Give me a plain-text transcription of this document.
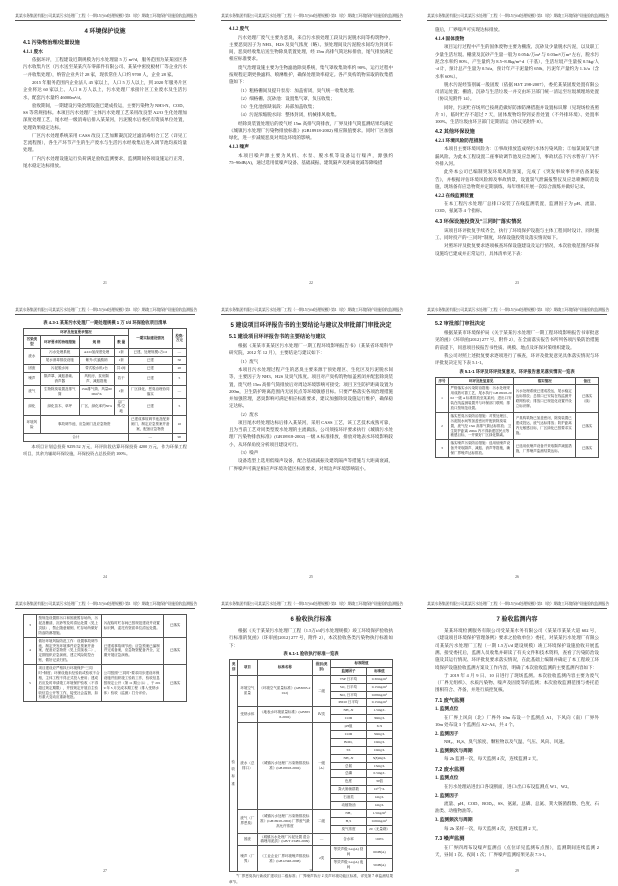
某某水务集团有限公司某某污水处理厂工程（一期1.5万t/d处理规模）·第1（收）期竣工环境保护设施验收监测报告
4 环境保护设施
4.1 污染物治理/处置设施
4.1.1 废水
依据环评，工程建设近期规模为污水处理量 5 万 m³/d，服务范围为某某园区各污水收集片区（污水送至某某汽车零部件有限公司、某某中密度板材厂等企业污水一并收集处理），纳管企业共计 28 家，现状常住人口约 9700 人，企业 28 家。
2015 年服务范围内企业法人 45 家以上，人口 5 万人以上，到 2020 年服务片区企业将达 60 家以上、人口 8 万人以上，污水处理厂承接片区工业废水及生活污水，配套污水量约 46000m³/d。
验收期间，一期建设污染治理设施已建成投运，主要污染物为 NH3-N、COD、SS 等常规指标。本项目污水处理厂主体污水处理工艺采用改良型 A2/O 生化处理加深度处理工艺，尾水经一级消毒后排入某某河，污泥脱水后委托有资质单位处置，处理效果稳定达标。
厂区污水处理系统采用 CASS 改良工艺加絮凝沉淀过滤消毒组合工艺（详见工艺流程图），各生产环节产生的生产废水与生活污水经收集后进入调节池均质均量处理。
厂内污水处理设施运行负荷满足验收监测要求，监测期间各项设施运行正常，尾水稳定达标排放。
21
某某水务集团有限公司某某污水处理厂工程（一期1.5万t/d处理规模）·第1（收）期竣工环境保护设施验收监测报告
4.1.2 废气
污水处理厂废气主要为恶臭，来自污水预处理工段及污泥脱水间等构筑物中，主要恶臭因子为 NH3、H2S 及臭气浓度（略）。预处理间及污泥脱水间均为封闭车间，恶臭经收集后送生物除臭装置处理，经 15m 高排气筒达标排放，尾气排放满足相应标准要求。
废气治理设施主要为生物滤池除臭系统，集气罩收集效率约 90%，运行过程中按规程定期更换滤料、喷淋维护，确保处理效率稳定。各产臭构筑物采取的收集措施如下：
（1）粗格栅间及提升泵房：加盖密闭，臭气统一收集处理；
（2）细格栅、沉砂池：设置集气罩，负压收集；
（3）生化池预缺氧段：局部加盖收集；
（4）污泥浓缩脱水间：整体封闭，机械排风收集。
经除臭装置处理后的废气经 15m 高排气筒排放，厂界及排气筒监测结果均满足《城镇污水处理厂污染物排放标准》(GB18918-2002) 相应限值要求。同时厂区加强绿化，进一步减缓恶臭对周边环境的影响。
4.1.3 噪声
本项目噪声源主要为风机、水泵、脱水机等设备运行噪声，源强约 75~90dB(A)，通过选用低噪声设备、基础减振、建筑隔声及距离衰减等降噪措
22
某某水务集团有限公司某某污水处理厂工程（一期1.5万t/d处理规模）·第1（收）期竣工环境保护设施验收监测报告
施后，厂界噪声可实现达标排放。
4.1.4 固体废物
项目运行过程中产生的固体废物主要为栅渣、沉砂及少量脱水污泥，以及职工少量生活垃圾。栅渣及沉砂产生量一般为 0.054t/万m³ 与 0.03m³/万m³ 左右，脱水污泥含水率约 80%，产生量约为 8.5~8.8kg/m³·d（干基），生活垃圾产生量按 0.5kg/人·d 计，预计总产生量为 0.5t/a，预计年产干泥量约 650t，污泥年产量约为 1.1t/a（含水率 60%）。
脱水污泥经鉴别属一般固废（依据 HJ/T 298-2007），委托某某固废处置有限公司清运处置；栅渣、沉砂与生活垃圾一并交由环卫部门统一清运至垃圾填埋场处置（协议见附件 14）。
同时，污泥贮存场所已按规范做好防渗防淋措施并设置标识牌（见现场检查照片 5），临时贮存不超过 7 天，固体废物均得到妥善处置（不外排环境）、处置率 100%。生活垃圾由环卫部门定期清运（协议见附件 8）。
4.2 其他环保设施
4.2.1 环境风险防范措施
本项目主要环境风险为：①事故排放造成纳污水体污染风险；②加氯间氯气泄漏风险。为此本工程设置二座事故调节池及应急闸门，事故状态下污水暂存厂内不外排入河。
此外本公司已编制突发环境风险预案，完成了《突发事故事件评估备案报告》，并根据评估环境风险源及事故情景，设置氯气泄漏报警仪及应急喷淋防范设施，现场备有应急物资并定期演练，每年组织开展一次综合演练并做好记录。
4.2.2 在线监测装置
在本工程污水处理厂总排口安装了在线监测装置，监测因子为 pH、流量、COD、氨氮等 4 个指标。
4.3 环保设施投资及“三同时”落实情况
该项目环评批复手续齐全，执行了环境保护设施与主体工程同时设计、同时施工、同时投产的“三同时”制度，环保设施投资及落实情况如下。
对照环评及批复要求逐项核查环保设施建设及运行情况，本次验收范围内环保设施均已建成并正常运行，具体清单见下表：
23
某某水务集团有限公司某某污水处理厂工程（一期1.5万t/d处理规模）·第1（收）期竣工环境保护设施验收监测报告
表 4.3-1 某某污水处理厂一期处理规模 1 万 t/d 环保验收项目清单
环评及批复要求情况				一期实际建设情况	投资/万元
污染类型	环评要求的治理措施	规 格	数 量		
废水	污水处理系统	A2/O加深度处理	1套	已建，处理规模1万t/d	—
	尾水消毒排放设施	紫外/次氯酸钠	1套	已建	50
固废	污泥脱水间	带式脱水机2台	共1间	已建	20
噪声	隔声罩、减振基础、消声器	风机房、泵房隔声、减振措施	若干	已建	5
废气	生物除臭装置及排气筒	15m排气筒、风量6000m³/h	1套	厂区绿化、恶臭治理协同落实	—
绿化	绿化苗木、草坪	厂区，绿化率约30%	沿厂界/空地	已建	5
环境风险	事故调节池、应急闸门及应急物资			已建成事故调节池及配套闸门，制定应急预案并备案，配备应急物资	10
合计				—	90
本项目计划总投资 9259.52 万元，环评阶段估算环保投资 4200 万元，作为环保工程项目，其余为辅助环保设施，环保投资占总投资的 100%。
24
某某水务集团有限公司某某污水处理厂工程（一期1.5万t/d处理规模）·第1（收）期竣工环境保护设施验收监测报告
5 建设项目环评报告书的主要结论与建议及审批部门审批决定
5.1 建设项目环评报告书的主要结论与建议
根据《某某市某某区污水处理厂一期工程环境影响报告书》（某某省环境科学研究院，2012 年 12 月），主要结论与建议如下：
（1）废气
本项目污水处理过程产生的恶臭主要来源于预处理区、生化区及污泥脱水间等，主要因子为 NH3、H2S 及臭气浓度。项目对产臭构筑物加盖密闭并配套除臭装置，废气经 15m 高排气筒排放后对周边环境影响可接受；项目卫生防护距离设置为 200m，卫生防护距离范围内无居民点等环境敏感目标。只要严格落实各项治理措施并加强管理，恶臭影响可满足相应标准要求，建议加强除臭设施运行维护，确保稳定达标。
（2）废水
项目尾水经处理达标后排入某某河，采用 CASS 工艺，该工艺技术成熟可靠，且为当前工艺对同类型废水处理的主流做法。公司须按环评要求执行《城镇污水处理厂污染物排放标准》(GB18918-2002) 一级 A 标准排放，排放对地表水环境影响较小，从环保角度分析项目建设可行。
（3）噪声
设备选型上选用低噪声设备，配合基础减振及建筑隔声等措施与大距离衰减，厂界噪声可满足相应声环境功能区标准要求，对周边声环境影响较小。
25
某某水务集团有限公司某某污水处理厂工程（一期1.5万t/d处理规模）·第1（收）期竣工环境保护设施验收监测报告
5.2 审批部门审批决定
根据某某市环境保护局《关于某某污水处理厂一期工程环境影响报告书审批意见的函》（环审函[2012] 277 号，附件 2），在全面落实报告书所列各项污染防治措施的前提下，同意项目按报告书性质、规模、地点及环保对策组织建设。
我公司对照上述批复要求逐项进行了核查，环评及批复意见具体落实情况与环评批复决定见下表 5.1-1。
表 5.1-1 环评及环评批复意见、环评报告意见落实情况一览表
序号	环评及批复意见	落实情况	备注
1	严格落实水污染防治措施：污水处理采用成熟可靠工艺，尾水执行 GB18918-2002 一级 A 标准排放至某某河；进出口安装在线监测装置并与环保部门联网；排放口按规范设置。	污水处理系统已建成投运，尾水稳定达标排放；总排口已安装在线监测并联网验收；排放口已规范化设置并设立标识牌。	已落实 （续）
2	落实恶臭污染防治措施：对预处理区、污泥脱水间等加盖密闭并配套除臭装置，废气经 15m 高排气筒达标排放；卫生防护距离 200m 内不得新建居民点等敏感目标，一并做好厂区绿化隔离。	产臭构筑物已加盖密闭，除臭装置已建成投运，废气达标排放；防护距离内无敏感目标，厂区绿化已按要求实施。	已落实
3	落实噪声污染防治措施：选用低噪声设备并采取隔声、减振、消声等措施，确保厂界噪声达标排放。	已选用低噪声设备并采取隔声减振措施，厂界噪声监测结果达标。	已落实
26
某某水务集团有限公司某某污水处理厂工程（一期1.5万t/d处理规模）·第1（收）期竣工环境保护设施验收监测报告
3	按规范设置排污口和固废暂存场所，污泥及栅渣、沉砂等及时清运处置（见上页续），禁止随意倾倒，贮存场所做好防渗防淋措施。	污泥临时贮存间已按规范建设并设置标识牌，委托有资质单位清运处置。	已落实
4	做好环境风险防范工作：设置事故调节池，制定突发环境事件应急预案并备案，配备应急物资（见上页续表二），定期组织应急演练，建立风险防控台账，做好记录归档。	已建成事故调节池；应急预案已编制并完成备案，应急物资配备齐全，定期开展应急演练。	已落实
5	项目建设应严格执行环境保护“三同时”制度；环保设施未经验收或验收不合格，主体工程不得正式投入使用；建成后应及时申请竣工环境保护验收（不得超过规定期限），并按规定开展自主验收信息公开等工作，接受社会监督，如有重大变动应重新报批。	公司按照“三同时”要求同步建设环保设施并组织竣工验收工作，验收信息按规定公开（第 11 期公示），于 2019 年 5 月完成本期工程（排入受纳水体）验收（监测）打分评价。	已落实
27
某某水务集团有限公司某某污水处理厂工程（一期1.5万t/d处理规模）·第1（收）期竣工环境保护设施验收监测报告
6 验收执行标准
根据《关于某某污水处理厂工程（1.5万t/d污水处理规模）竣工环境保护验收执行标准的复函》（环审函[2012] 277 号，附件 2），本次验收各类污染物执行标准如下：
表 6.1-1 验收执行标准一览表
类别	项目	标准名称	级别(类别)	标准限值	
				监测因子	标准值
验收标准	环境空气质量	《环境空气质量标准》(GB3095-2012)	二级	TSP 日平均	0.30mg/m³
				SO₂ 日平均	0.15mg/m³
				NO₂ 日平均	0.08mg/m³
				PM10 日平均	0.15mg/m³
	受纳水体	《地表水环境质量标准》(GB3838-2002)	Ⅳ类	NH₃-N	1.5mg/L
				COD	30mg/L
	废水（总排口）	《城镇污水处理厂污染物排放标准》(GB18918-2002)	一级（A）	pH值	6~9
				COD	50mg/L
				BOD₅	10mg/L
				SS	10mg/L
				NH₃-N	5(8)mg/L
				总氮	15mg/L
				总磷	0.5mg/L
				色度	30倍
				粪大肠菌群数	10³个/L
				石油类	1mg/L
				动植物油	1mg/L
	废气（厂界恶臭）	《城镇污水处理厂污染物排放标准》(GB18918-2002) 厂界废气最高允许浓度	二级	NH₃	1.5mg/m³
				H₂S	0.06mg/m³
				臭气浓度	20（无量纲）
	固废	《城镇污水处理厂污泥处置 混合填埋用泥质》(GB/T 23485-2009)	—	含水率	≤60%
	噪声（厂界）	《工业企业厂界环境噪声排放标准》(GB12348-2008)	2类	等效声级 Leq(A) 昼间	60dB(A)
				等效声级 Leq(A) 夜间	50dB(A)
*厂界恶臭执行新改扩建项目二级标准；厂界噪声执行 2 类声环境功能区标准，详见第 7 章监测结果章节。
28
某某水务集团有限公司某某污水处理厂工程（一期1.5万t/d处理规模）·第1（收）期竣工环境保护设施验收监测报告
7 验收监测内容
某某环境检测服务有限公司受某某水务有限公司（某某市某某大道 602 号，《建设项目环境保护管理条例》要求之验收单位）委托，对某某污水处理厂有限公司某某污水处理厂工程（一期 1.5万t/d 建设规模）竣工环境保护设施验收开展监测。接受委托后，监测人员收集并研读了有关文件和技术资料，查看了污染防治设施及其运行情况、环评批复要求落实情况，在此基础上编制并确定了本工程竣工环境保护设施验收监测方案及工作内容，明确了本次验收监测的主要监测内容如下：
于 2019 年 4 月 9 日、10 日进行了现场监测。本次验收监测内容主要为废气（厂界无组织）、水质污染物、噪声及固废等的监测；本次验收监测范围与委托范围相符合、齐备，并进行质控复核。
7.1 废气监测
1. 监测点位
在厂界上风向（北）厂界外 10m 布设一个监测点 A1，下风向（南）厂界外 10m 处布设 3 个监测点 A2~A4，共 4 个。
2. 监测因子
NH₃、H₂S、臭气浓度、颗粒物以及气温、气压、风向、风速。
3. 监测频次与周期
每 2h 监测一次，每天监测 4 次，连续监测 2 天。
7.2 废水监测
1. 监测点位
在污水处理站进出口各设断面，进口/出口布设监测点 W1、W2。
2. 监测因子
流量、pH、COD、BOD₅、SS、氨氮、总磷、总氮、粪大肠菌群数、色度、石油类、动植物油等。
3. 监测频次与周期
每 2h 采样一次，每天监测 4 次，连续监测 2 天。
7.3 噪声监测
在厂界四周布设噪声监测点（点位详见监测布点图），监测期间连续监测 2 天，昼间 1 次、夜间 1 次；厂界噪声监测结果见表 7.3-1。
29
